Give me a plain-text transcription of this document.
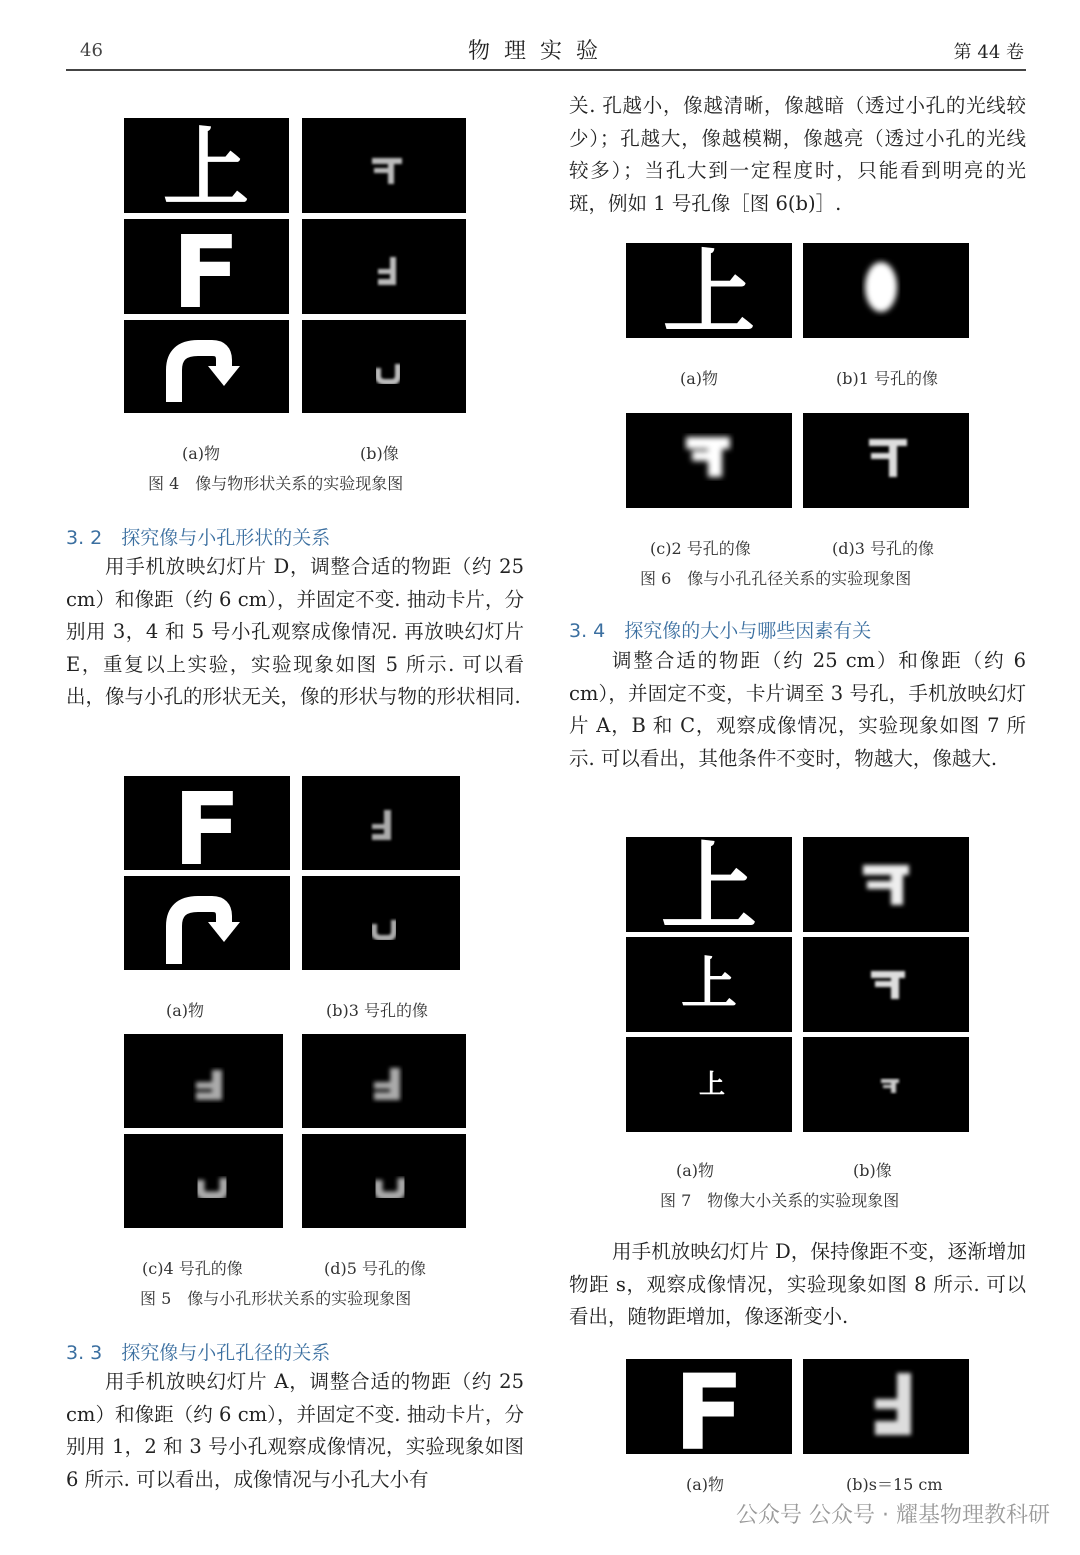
46	物理实验	第 44 卷
上
F
(a)物	(b)像
图 4　像与物形状关系的实验现象图
3. 2　探究像与小孔形状的关系
用手机放映幻灯片 D，调整合适的物距（约 25 cm）和像距（约 6 cm），并固定不变. 抽动卡片，分别用 3，4 和 5 号小孔观察成像情况. 再放映幻灯片 E，重复以上实验，实验现象如图 5 所示. 可以看出，像与小孔的形状无关，像的形状与物的形状相同.
F
(a)物	(b)3 号孔的像
(c)4 号孔的像	(d)5 号孔的像
图 5　像与小孔形状关系的实验现象图
3. 3　探究像与小孔孔径的关系
用手机放映幻灯片 A，调整合适的物距（约 25 cm）和像距（约 6 cm），并固定不变. 抽动卡片，分别用 1，2 和 3 号小孔观察成像情况，实验现象如图 6 所示. 可以看出，成像情况与小孔大小有
关. 孔越小，像越清晰，像越暗（透过小孔的光线较少）；孔越大，像越模糊，像越亮（透过小孔的光线较多）；当孔大到一定程度时，只能看到明亮的光斑，例如 1 号孔像［图 6(b)］.
上
(a)物	(b)1 号孔的像
(c)2 号孔的像	(d)3 号孔的像
图 6　像与小孔孔径关系的实验现象图
3. 4　探究像的大小与哪些因素有关
调整合适的物距（约 25 cm）和像距（约 6 cm），并固定不变，卡片调至 3 号孔，手机放映幻灯片 A，B 和 C，观察成像情况，实验现象如图 7 所示. 可以看出，其他条件不变时，物越大，像越大.
上
上
上
(a)物	(b)像
图 7　物像大小关系的实验现象图
用手机放映幻灯片 D，保持像距不变，逐渐增加物距 s，观察成像情况，实验现象如图 8 所示. 可以看出，随物距增加，像逐渐变小.
F
(a)物	(b)s＝15 cm
公众号 公众号 · 耀基物理教科研
